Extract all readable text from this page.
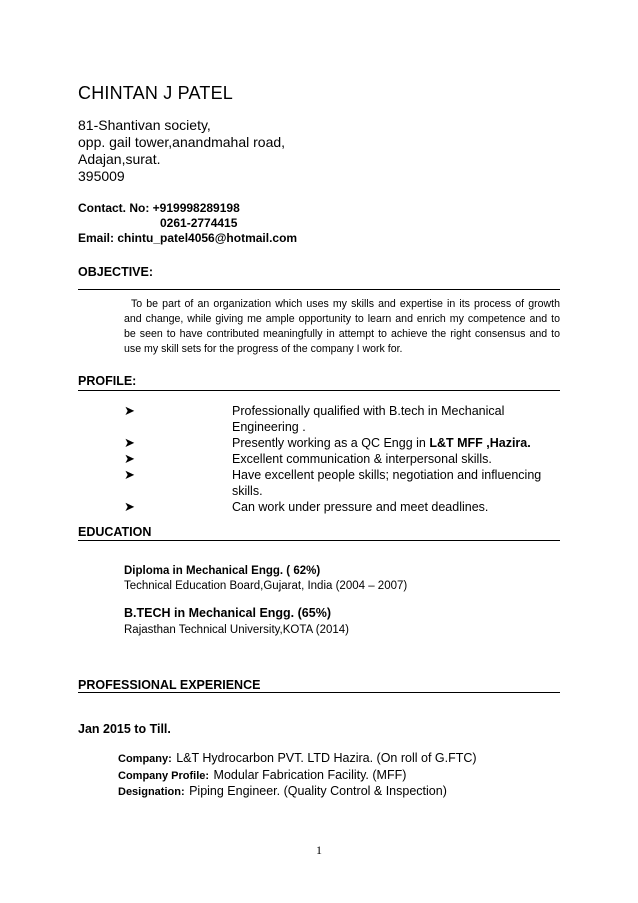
CHINTAN J PATEL
81-Shantivan society,
opp. gail tower,anandmahal road,
Adajan,surat.
395009
Contact. No: +919998289198
0261-2774415
Email: chintu_patel4056@hotmail.com
OBJECTIVE:
To be part of an organization which uses my skills and expertise in its process of growth and change, while giving me ample opportunity to learn and enrich my competence and to be seen to have contributed meaningfully in attempt to achieve the right consensus and to use my skill sets for the progress of the company I work for.
PROFILE:
➤	Professionally qualified with B.tech in Mechanical Engineering .
➤	Presently working as a QC Engg in L&T MFF ,Hazira.
➤	Excellent communication & interpersonal skills.
➤	Have excellent people skills; negotiation and influencing skills.
➤	Can work under pressure and meet deadlines.
EDUCATION
Diploma in Mechanical Engg. ( 62%)
Technical Education Board,Gujarat, India (2004 – 2007)
B.TECH in Mechanical Engg. (65%)
Rajasthan Technical University,KOTA (2014)
PROFESSIONAL EXPERIENCE
Jan 2015 to Till.
Company: L&T Hydrocarbon PVT. LTD Hazira. (On roll of G.FTC)
Company Profile: Modular Fabrication Facility. (MFF)
Designation: Piping Engineer. (Quality Control & Inspection)
1
